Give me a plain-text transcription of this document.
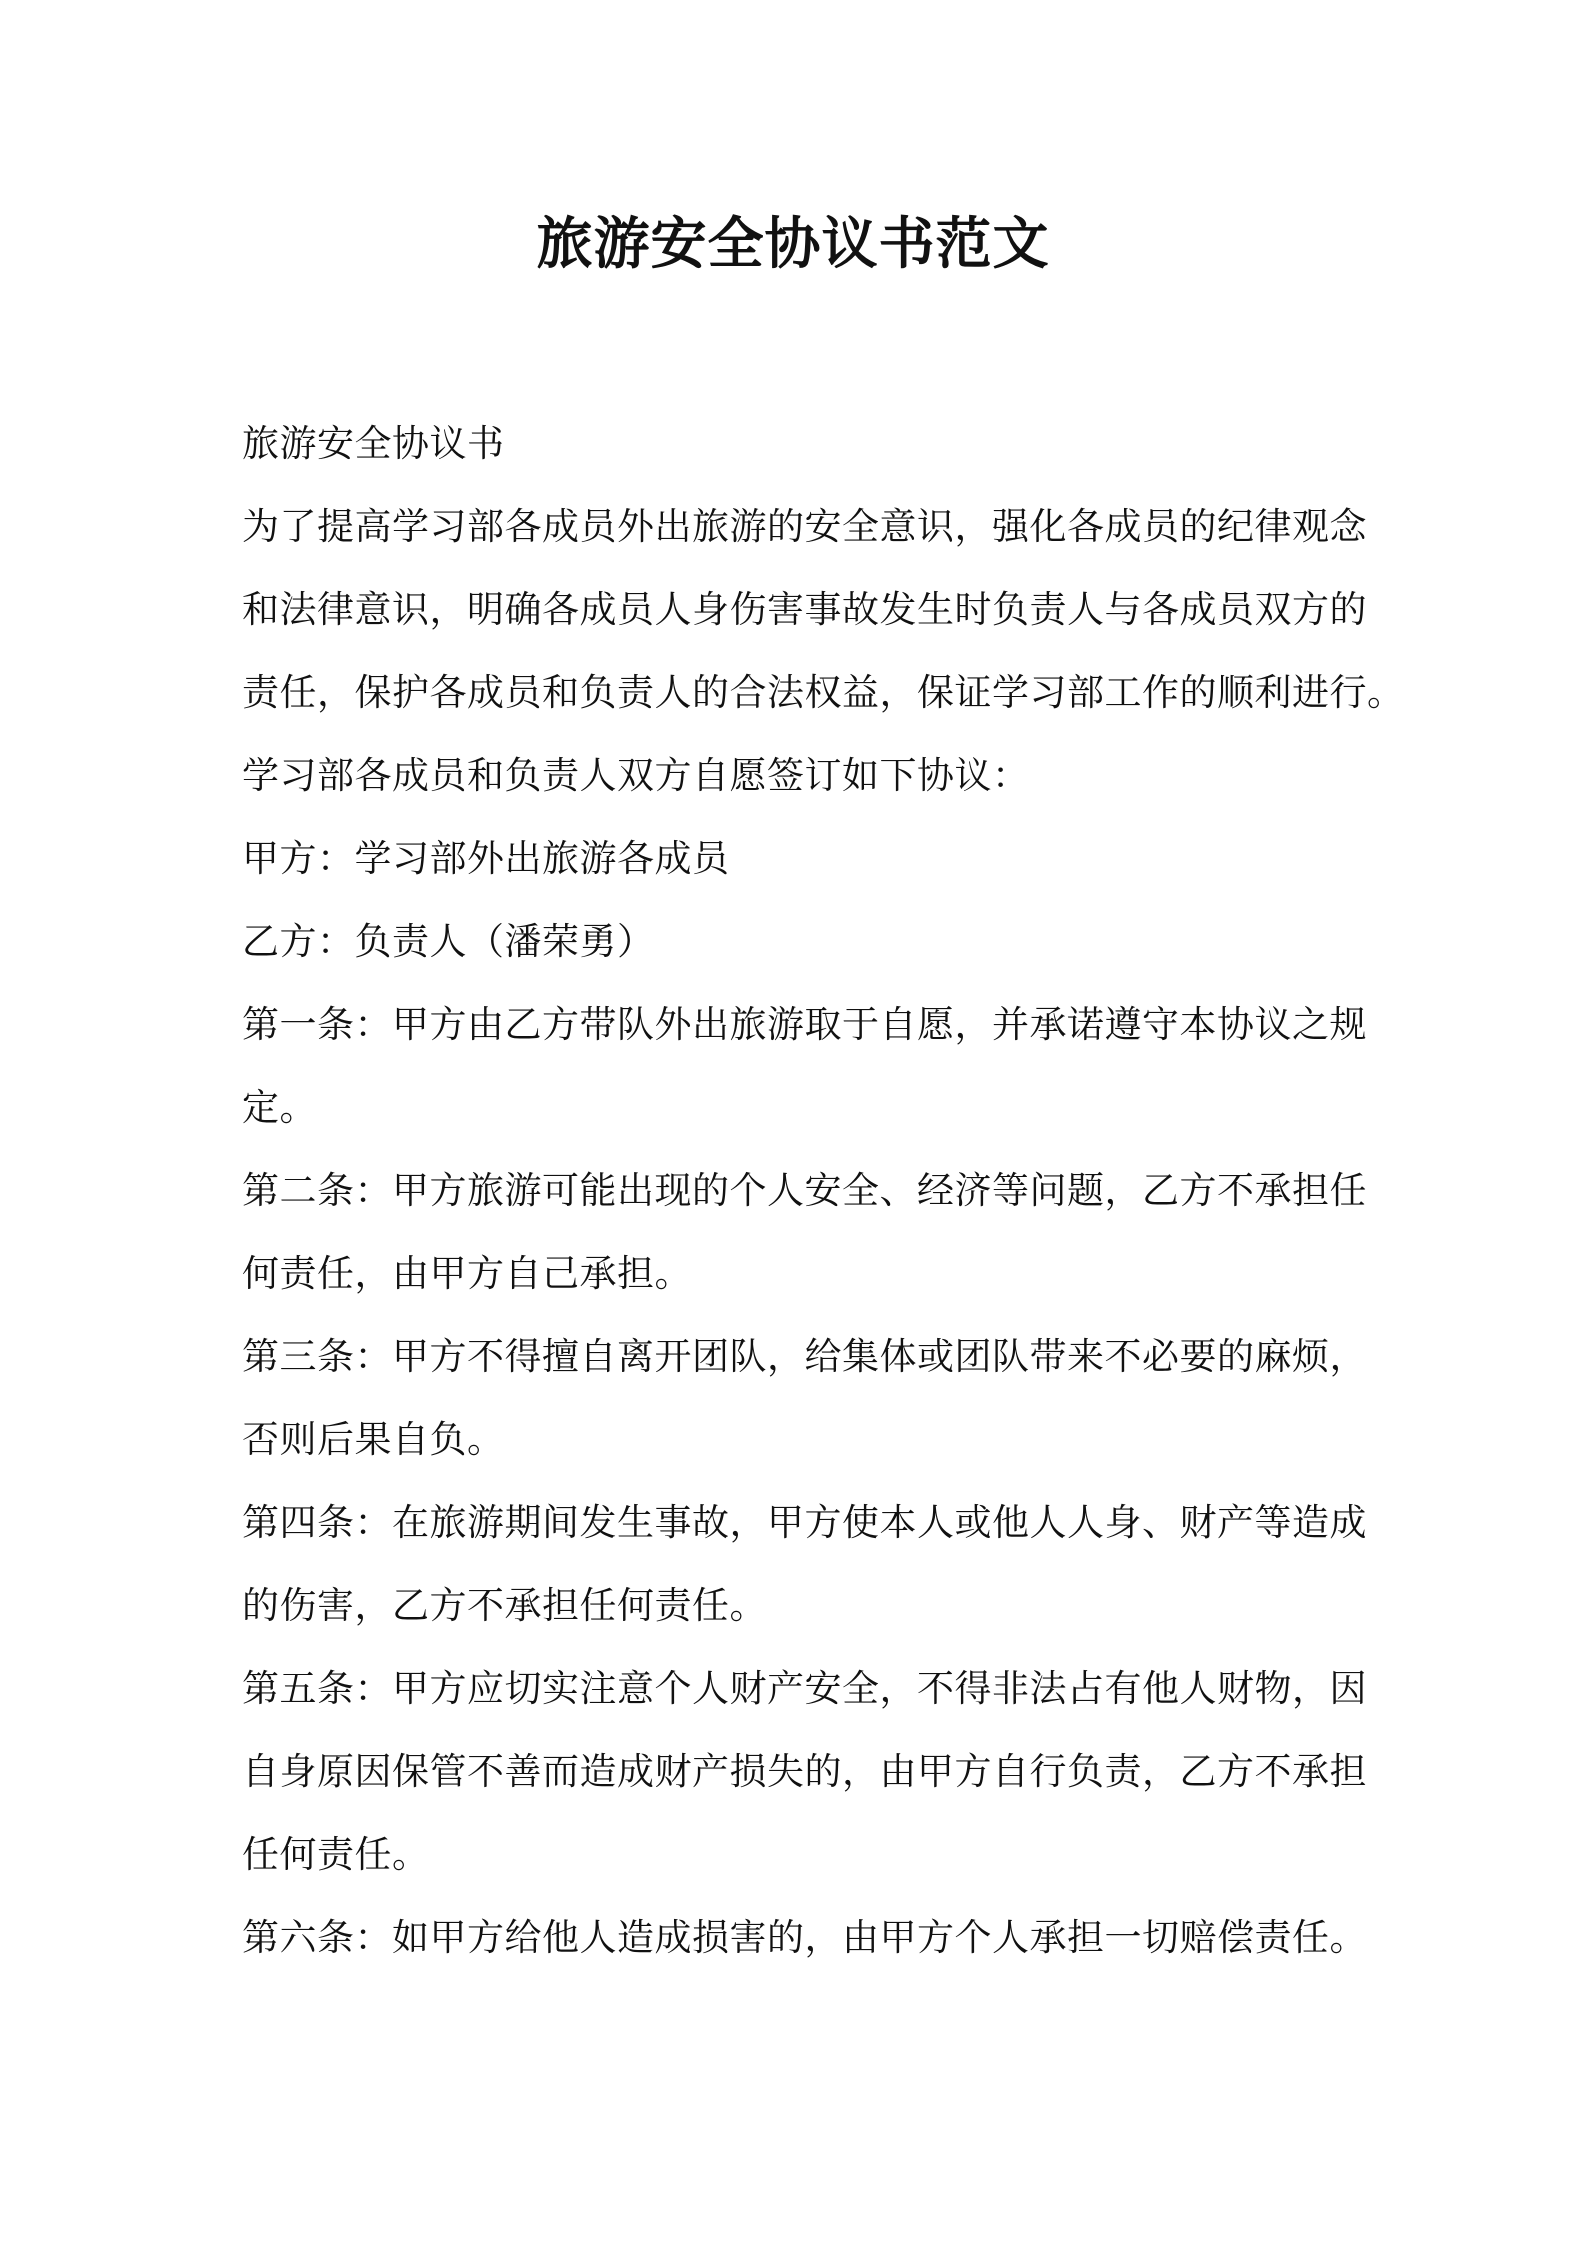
旅游安全协议书范文

旅游安全协议书

为了提高学习部各成员外出旅游的安全意识，强化各成员的纪律观念

和法律意识，明确各成员人身伤害事故发生时负责人与各成员双方的

责任，保护各成员和负责人的合法权益，保证学习部工作的顺利进行。

学习部各成员和负责人双方自愿签订如下协议：

甲方：学习部外出旅游各成员

乙方：负责人（潘荣勇）

第一条：甲方由乙方带队外出旅游取于自愿，并承诺遵守本协议之规

定。

第二条：甲方旅游可能出现的个人安全、经济等问题，乙方不承担任

何责任，由甲方自己承担。

第三条：甲方不得擅自离开团队，给集体或团队带来不必要的麻烦，

否则后果自负。

第四条：在旅游期间发生事故，甲方使本人或他人人身、财产等造成

的伤害，乙方不承担任何责任。

第五条：甲方应切实注意个人财产安全，不得非法占有他人财物，因

自身原因保管不善而造成财产损失的，由甲方自行负责，乙方不承担

任何责任。

第六条：如甲方给他人造成损害的，由甲方个人承担一切赔偿责任。
